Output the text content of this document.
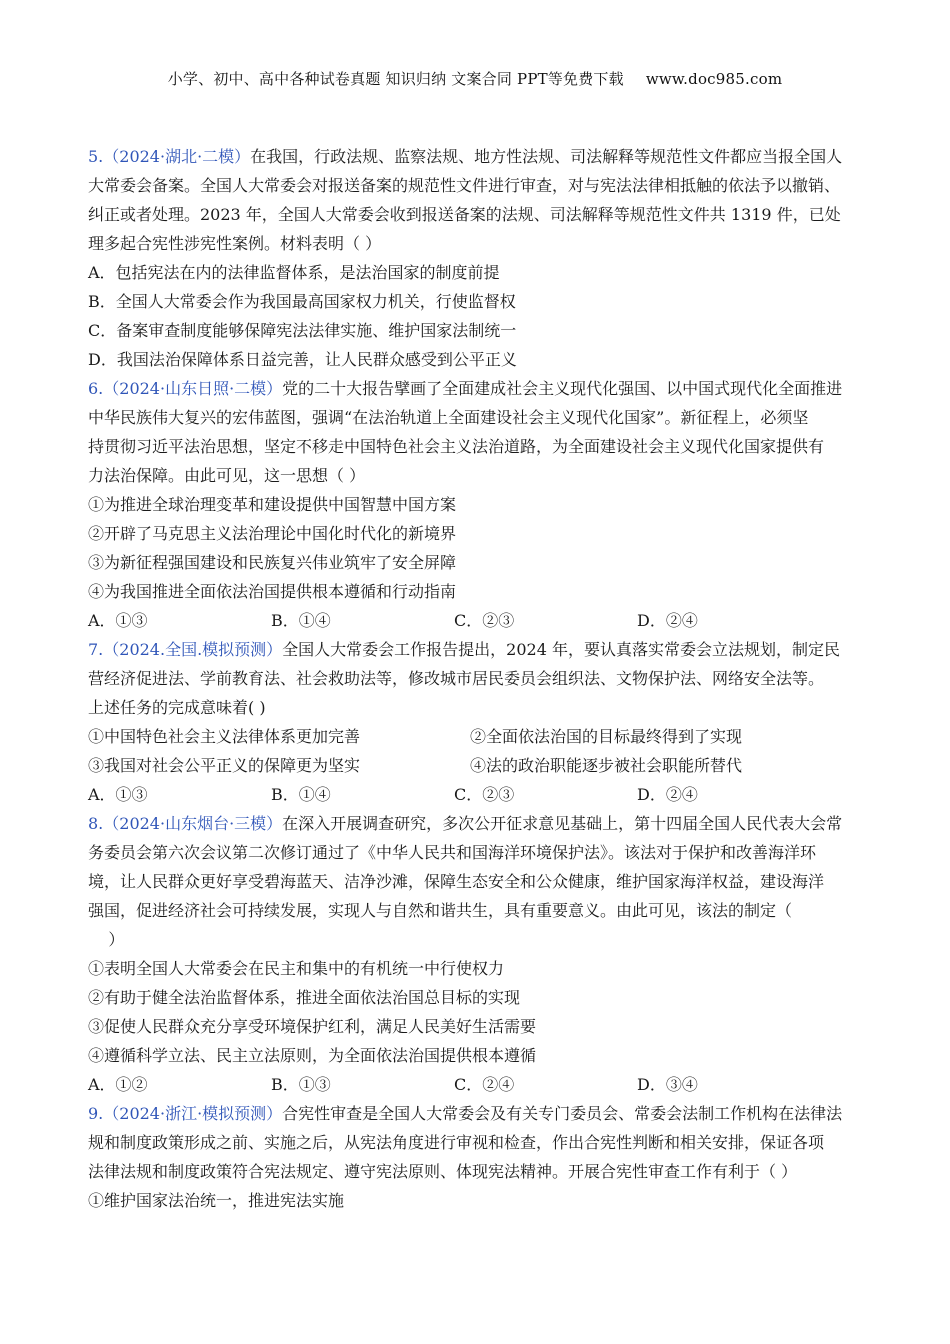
小学、初中、高中各种试卷真题 知识归纳 文案合同 PPT等免费下载 www.doc985.com
5.（2024·湖北·二模）在我国，行政法规、监察法规、地方性法规、司法解释等规范性文件都应当报全国人
大常委会备案。全国人大常委会对报送备案的规范性文件进行审查，对与宪法法律相抵触的依法予以撤销、
纠正或者处理。2023 年，全国人大常委会收到报送备案的法规、司法解释等规范性文件共 1319 件，已处
理多起合宪性涉宪性案例。材料表明（ ）
A．包括宪法在内的法律监督体系，是法治国家的制度前提
B．全国人大常委会作为我国最高国家权力机关，行使监督权
C．备案审查制度能够保障宪法法律实施、维护国家法制统一
D．我国法治保障体系日益完善，让人民群众感受到公平正义
6.（2024·山东日照·二模）党的二十大报告擘画了全面建成社会主义现代化强国、以中国式现代化全面推进
中华民族伟大复兴的宏伟蓝图，强调“在法治轨道上全面建设社会主义现代化国家”。新征程上，必须坚
持贯彻习近平法治思想，坚定不移走中国特色社会主义法治道路，为全面建设社会主义现代化国家提供有
力法治保障。由此可见，这一思想（ ）
①为推进全球治理变革和建设提供中国智慧中国方案
②开辟了马克思主义法治理论中国化时代化的新境界
③为新征程强国建设和民族复兴伟业筑牢了安全屏障
④为我国推进全面依法治国提供根本遵循和行动指南
A．①③	B．①④	C．②③	D．②④
7.（2024.全国.模拟预测）全国人大常委会工作报告提出，2024 年，要认真落实常委会立法规划，制定民
营经济促进法、学前教育法、社会救助法等，修改城市居民委员会组织法、文物保护法、网络安全法等。
上述任务的完成意味着( )
①中国特色社会主义法律体系更加完善	②全面依法治国的目标最终得到了实现
③我国对社会公平正义的保障更为坚实	④法的政治职能逐步被社会职能所替代
A．①③	B．①④	C．②③	D．②④
8.（2024·山东烟台·三模）在深入开展调查研究，多次公开征求意见基础上，第十四届全国人民代表大会常
务委员会第六次会议第二次修订通过了《中华人民共和国海洋环境保护法》。该法对于保护和改善海洋环
境，让人民群众更好享受碧海蓝天、洁净沙滩，保障生态安全和公众健康，维护国家海洋权益，建设海洋
强国，促进经济社会可持续发展，实现人与自然和谐共生，具有重要意义。由此可见，该法的制定（
）
①表明全国人大常委会在民主和集中的有机统一中行使权力
②有助于健全法治监督体系，推进全面依法治国总目标的实现
③促使人民群众充分享受环境保护红利，满足人民美好生活需要
④遵循科学立法、民主立法原则，为全面依法治国提供根本遵循
A．①②	B．①③	C．②④	D．③④
9.（2024·浙江·模拟预测）合宪性审查是全国人大常委会及有关专门委员会、常委会法制工作机构在法律法
规和制度政策形成之前、实施之后，从宪法角度进行审视和检查，作出合宪性判断和相关安排，保证各项
法律法规和制度政策符合宪法规定、遵守宪法原则、体现宪法精神。开展合宪性审查工作有利于（ ）
①维护国家法治统一，推进宪法实施
